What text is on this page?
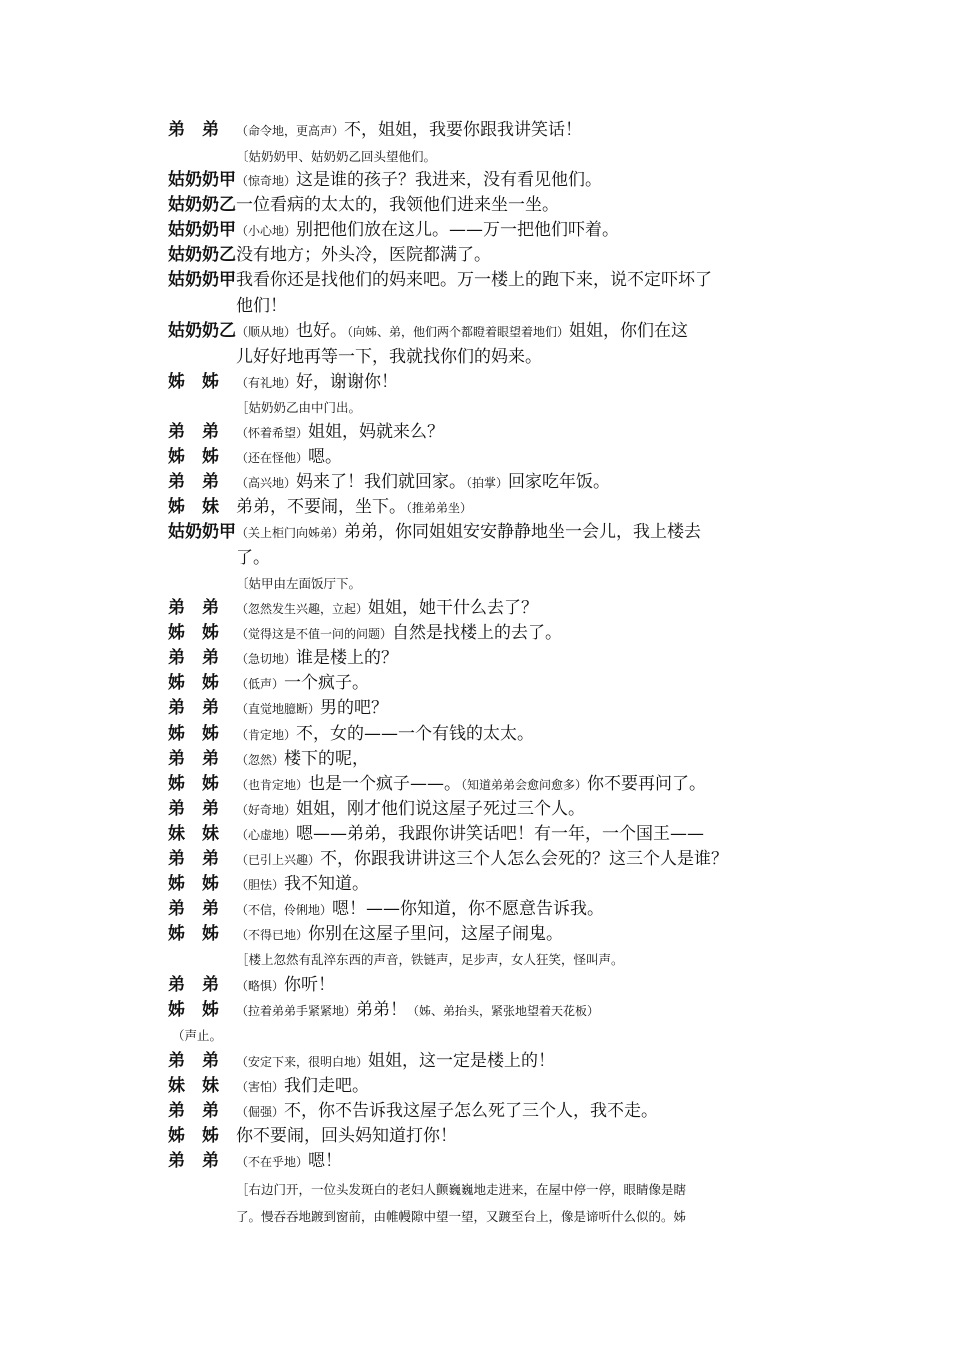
弟　弟 （命令地，更高声）不，姐姐，我要你跟我讲笑话！
〔姑奶奶甲、姑奶奶乙回头望他们。
姑奶奶甲 （惊奇地）这是谁的孩子？我进来，没有看见他们。
姑奶奶乙 一位看病的太太的，我领他们进来坐一坐。
姑奶奶甲 （小心地）别把他们放在这儿。——万一把他们吓着。
姑奶奶乙 没有地方；外头冷，医院都满了。
姑奶奶甲 我看你还是找他们的妈来吧。万一楼上的跑下来，说不定吓坏了
他们！
姑奶奶乙 （顺从地）也好。（向姊、弟，他们两个都瞪着眼望着地们）姐姐，你们在这
儿好好地再等一下，我就找你们的妈来。
姊　姊 （有礼地）好，谢谢你！
［姑奶奶乙由中门出。
弟　弟 （怀着希望）姐姐，妈就来么？
姊　姊 （还在怪他）嗯。
弟　弟 （高兴地）妈来了！我们就回家。（拍掌）回家吃年饭。
姊　妹 弟弟，不要闹，坐下。（推弟弟坐）
姑奶奶甲 （关上柜门向姊弟）弟弟，你同姐姐安安静静地坐一会儿，我上楼去
了。
〔姑甲由左面饭厅下。
弟　弟 （忽然发生兴趣，立起）姐姐，她干什么去了？
姊　姊 （觉得这是不值一问的问题）自然是找楼上的去了。
弟　弟 （急切地）谁是楼上的？
姊　姊 （低声）一个疯子。
弟　弟 （直觉地臆断）男的吧？
姊　姊 （肯定地）不，女的——一个有钱的太太。
弟　弟 （忽然）楼下的呢，
姊　姊 （也肯定地）也是一个疯子——。（知道弟弟会愈问愈多）你不要再问了。
弟　弟 （好奇地）姐姐，刚才他们说这屋子死过三个人。
妹　妹 （心虚地）嗯——弟弟，我跟你讲笑话吧！有一年，一个国王——
弟　弟 （已引上兴趣）不，你跟我讲讲这三个人怎么会死的？这三个人是谁？
姊　姊 （胆怯）我不知道。
弟　弟 （不信，伶俐地）嗯！——你知道，你不愿意告诉我。
姊　姊 （不得已地）你别在这屋子里问，这屋子闹鬼。
［楼上忽然有乱淬东西的声音，铁链声，足步声，女人狂笑，怪叫声。
弟　弟 （略惧）你听！
姊　姊 （拉着弟弟手紧紧地）弟弟！（姊、弟抬头，紧张地望着天花板）
（声止。
弟　弟 （安定下来，很明白地）姐姐，这一定是楼上的！
妹　妹 （害怕）我们走吧。
弟　弟 （倔强）不，你不告诉我这屋子怎么死了三个人，我不走。
姊　姊 你不要闹，回头妈知道打你！
弟　弟 （不在乎地）嗯！
［右边门开，一位头发斑白的老妇人颤巍巍地走进来，在屋中停一停，眼睛像是瞎
了。慢吞吞地踱到窗前，由帷幔隙中望一望，又踱至台上，像是谛听什么似的。姊
